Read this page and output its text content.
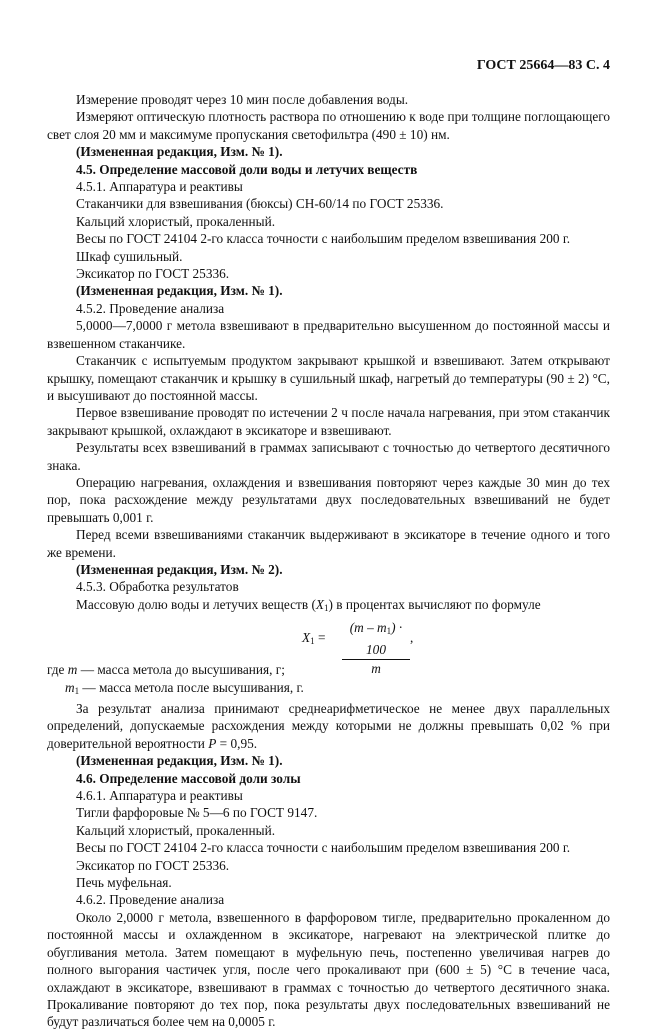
ГОСТ 25664—83 С. 4

Измерение проводят через 10 мин после добавления воды.

Измеряют оптическую плотность раствора по отношению к воде при толщине поглощающего свет слоя 20 мм и максимуме пропускания светофильтра (490 ± 10) нм.

(Измененная редакция, Изм. № 1).

4.5. Определение массовой доли воды и летучих веществ

4.5.1. Аппаратура и реактивы

Стаканчики для взвешивания (бюксы) СН-60/14 по ГОСТ 25336.

Кальций хлористый, прокаленный.

Весы по ГОСТ 24104 2-го класса точности с наибольшим пределом взвешивания 200 г.

Шкаф сушильный.

Эксикатор по ГОСТ 25336.

(Измененная редакция, Изм. № 1).

4.5.2. Проведение анализа

5,0000—7,0000 г метола взвешивают в предварительно высушенном до постоянной массы и взвешенном стаканчике.

Стаканчик с испытуемым продуктом закрывают крышкой и взвешивают. Затем открывают крышку, помещают стаканчик и крышку в сушильный шкаф, нагретый до температуры (90 ± 2) °С, и высушивают до постоянной массы.

Первое взвешивание проводят по истечении 2 ч после начала нагревания, при этом стаканчик закрывают крышкой, охлаждают в эксикаторе и взвешивают.

Результаты всех взвешиваний в граммах записывают с точностью до четвертого десятичного знака.

Операцию нагревания, охлаждения и взвешивания повторяют через каждые 30 мин до тех пор, пока расхождение между результатами двух последовательных взвешиваний не будет превышать 0,001 г.

Перед всеми взвешиваниями стаканчик выдерживают в эксикаторе в течение одного и того же времени.

(Измененная редакция, Изм. № 2).

4.5.3. Обработка результатов

Массовую долю воды и летучих веществ $(X_1)$ в процентах вычисляют по формуле

$X_1 = \frac{(m - m_1) \cdot 100}{m}$ ,

где m — масса метола до высушивания, г;

$m_1$ — масса метола после высушивания, г.

За результат анализа принимают среднеарифметическое не менее двух параллельных определений, допускаемые расхождения между которыми не должны превышать 0,02 % при доверительной вероятности P = 0,95.

(Измененная редакция, Изм. № 1).

4.6. Определение массовой доли золы

4.6.1. Аппаратура и реактивы

Тигли фарфоровые № 5—6 по ГОСТ 9147.

Кальций хлористый, прокаленный.

Весы по ГОСТ 24104 2-го класса точности с наибольшим пределом взвешивания 200 г.

Эксикатор по ГОСТ 25336.

Печь муфельная.

4.6.2. Проведение анализа

Около 2,0000 г метола, взвешенного в фарфоровом тигле, предварительно прокаленном до постоянной массы и охлажденном в эксикаторе, нагревают на электрической плитке до обугливания метола. Затем помещают в муфельную печь, постепенно увеличивая нагрев до полного выгорания частичек угля, после чего прокаливают при (600 ± 5) °С в течение часа, охлаждают в эксикаторе, взвешивают в граммах с точностью до четвертого десятичного знака. Прокаливание повторяют до тех пор, пока результаты двух последовательных взвешиваний не будут различаться более чем на 0,0005 г.
